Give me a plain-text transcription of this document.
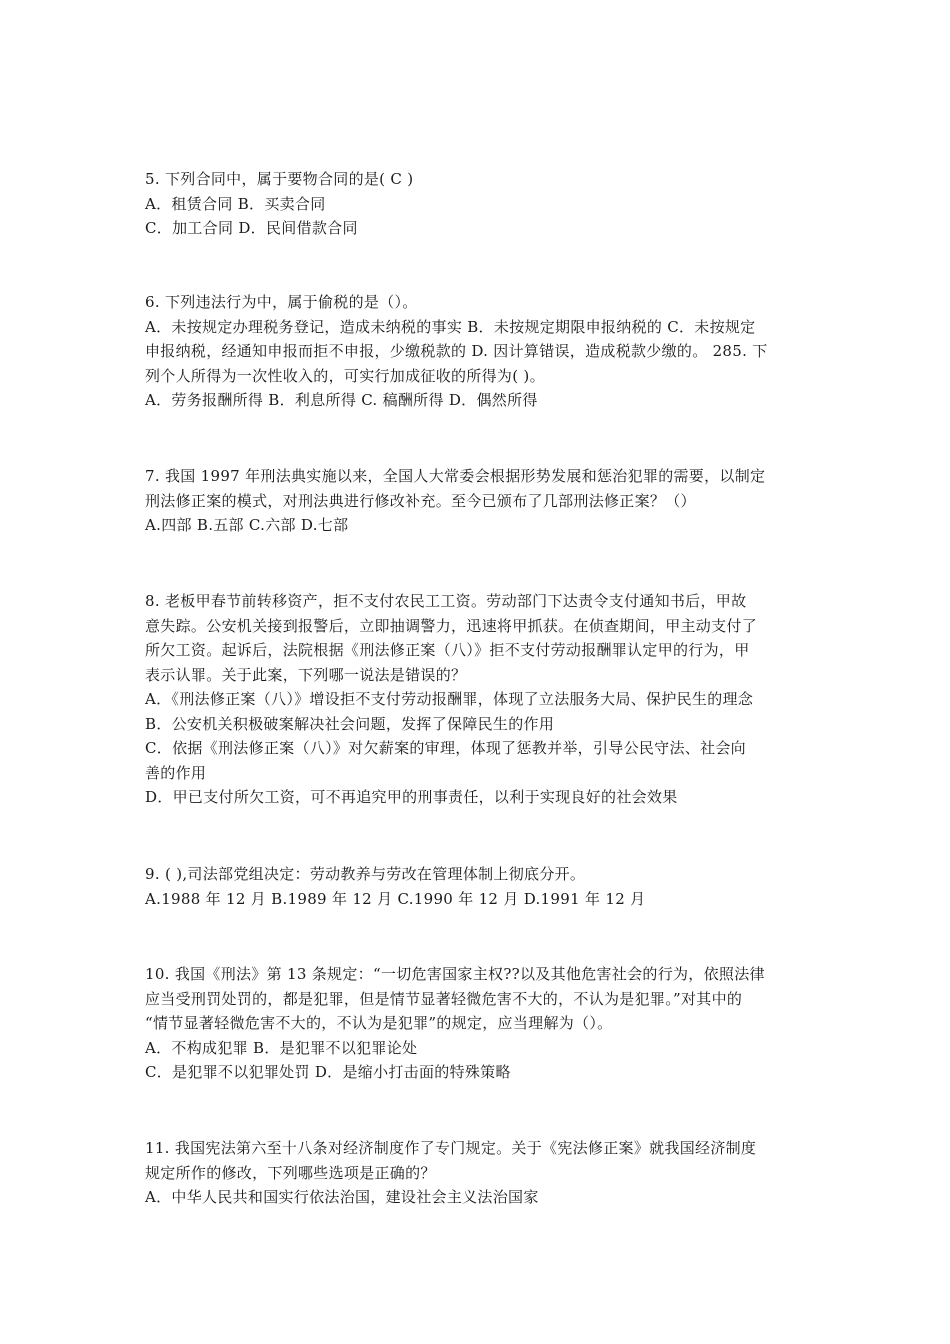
5. 下列合同中，属于要物合同的是( C )
A．租赁合同 B．买卖合同
C．加工合同 D．民间借款合同
6. 下列违法行为中，属于偷税的是（）。
A．未按规定办理税务登记，造成未纳税的事实 B．未按规定期限申报纳税的 C．未按规定
申报纳税，经通知申报而拒不申报，少缴税款的 D. 因计算错误，造成税款少缴的。 285. 下
列个人所得为一次性收入的，可实行加成征收的所得为( )。
A．劳务报酬所得 B．利息所得 C. 稿酬所得 D．偶然所得
7. 我国 1997 年刑法典实施以来，全国人大常委会根据形势发展和惩治犯罪的需要，以制定
刑法修正案的模式，对刑法典进行修改补充。至今已颁布了几部刑法修正案？（）
A.四部 B.五部 C.六部 D.七部
8. 老板甲春节前转移资产，拒不支付农民工工资。劳动部门下达责令支付通知书后，甲故
意失踪。公安机关接到报警后，立即抽调警力，迅速将甲抓获。在侦查期间，甲主动支付了
所欠工资。起诉后，法院根据《刑法修正案（八）》拒不支付劳动报酬罪认定甲的行为，甲
表示认罪。关于此案，下列哪一说法是错误的？
A．《刑法修正案（八）》增设拒不支付劳动报酬罪，体现了立法服务大局、保护民生的理念
B．公安机关积极破案解决社会问题，发挥了保障民生的作用
C．依据《刑法修正案（八）》对欠薪案的审理，体现了惩教并举，引导公民守法、社会向
善的作用
D．甲已支付所欠工资，可不再追究甲的刑事责任，以利于实现良好的社会效果
9. ( ),司法部党组决定：劳动教养与劳改在管理体制上彻底分开。
A.1988 年 12 月 B.1989 年 12 月 C.1990 年 12 月 D.1991 年 12 月
10. 我国《刑法》第 13 条规定：“一切危害国家主权??以及其他危害社会的行为，依照法律
应当受刑罚处罚的，都是犯罪，但是情节显著轻微危害不大的，不认为是犯罪。”对其中的
“情节显著轻微危害不大的，不认为是犯罪”的规定，应当理解为（）。
A．不构成犯罪 B．是犯罪不以犯罪论处
C．是犯罪不以犯罪处罚 D．是缩小打击面的特殊策略
11. 我国宪法第六至十八条对经济制度作了专门规定。关于《宪法修正案》就我国经济制度
规定所作的修改，下列哪些选项是正确的？
A．中华人民共和国实行依法治国，建设社会主义法治国家
